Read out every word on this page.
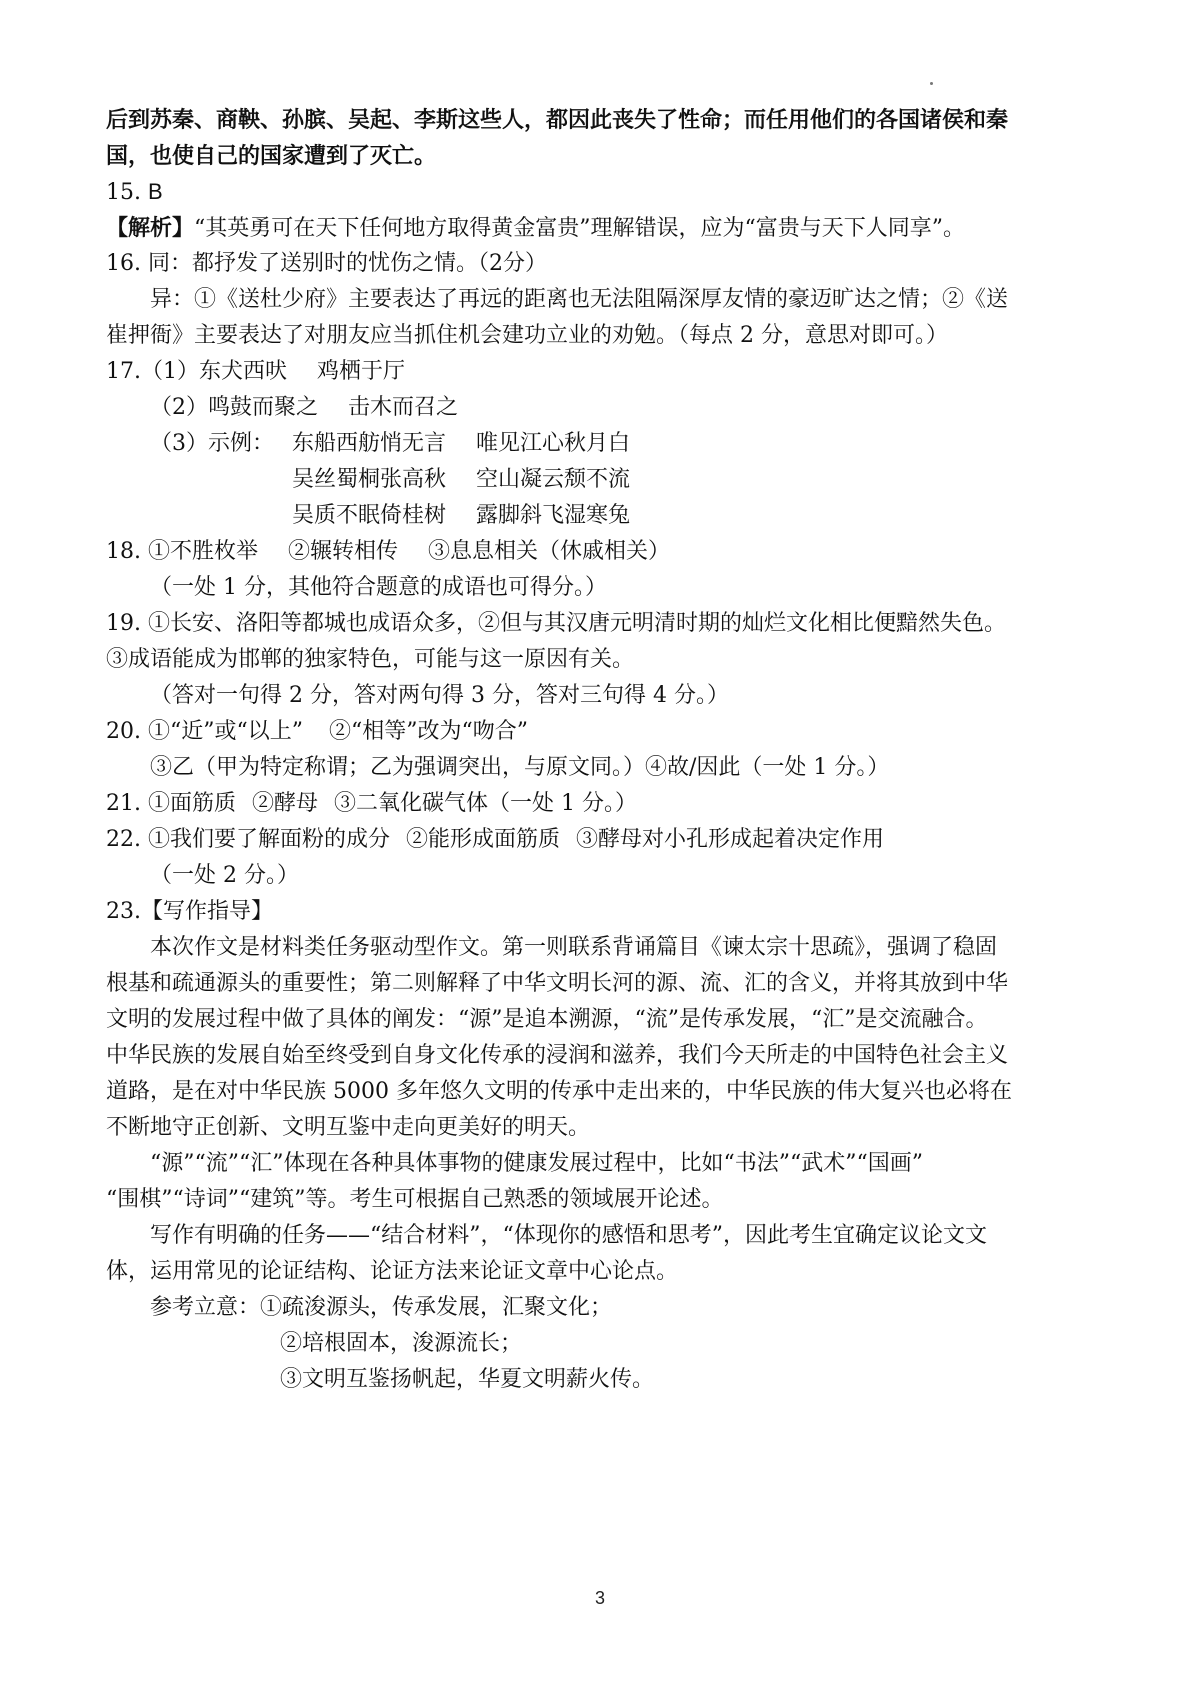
后到苏秦、商鞅、孙膑、吴起、李斯这些人，都因此丧失了性命；而任用他们的各国诸侯和秦
国，也使自己的国家遭到了灭亡。
15. B
【解析】“其英勇可在天下任何地方取得黄金富贵”理解错误，应为“富贵与天下人同享”。
16. 同：都抒发了送别时的忧伤之情。（2分）
异：①《送杜少府》主要表达了再远的距离也无法阻隔深厚友情的豪迈旷达之情；②《送
崔押衙》主要表达了对朋友应当抓住机会建功立业的劝勉。（每点 2 分，意思对即可。）
17.（1）东犬西吠 鸡栖于厅
（2）鸣鼓而聚之 击木而召之
（3）示例： 东船西舫悄无言 唯见江心秋月白
吴丝蜀桐张高秋 空山凝云颓不流
吴质不眠倚桂树 露脚斜飞湿寒兔
18. ①不胜枚举 ②辗转相传 ③息息相关（休戚相关）
（一处 1 分，其他符合题意的成语也可得分。）
19. ①长安、洛阳等都城也成语众多，②但与其汉唐元明清时期的灿烂文化相比便黯然失色。
③成语能成为邯郸的独家特色，可能与这一原因有关。
（答对一句得 2 分，答对两句得 3 分，答对三句得 4 分。）
20. ①“近”或“以上” ②“相等”改为“吻合”
③乙（甲为特定称谓；乙为强调突出，与原文同。）④故/因此（一处 1 分。）
21. ①面筋质 ②酵母 ③二氧化碳气体（一处 1 分。）
22. ①我们要了解面粉的成分 ②能形成面筋质 ③酵母对小孔形成起着决定作用
（一处 2 分。）
23.【写作指导】
本次作文是材料类任务驱动型作文。第一则联系背诵篇目《谏太宗十思疏》，强调了稳固
根基和疏通源头的重要性；第二则解释了中华文明长河的源、流、汇的含义，并将其放到中华
文明的发展过程中做了具体的阐发：“源”是追本溯源，“流”是传承发展，“汇”是交流融合。
中华民族的发展自始至终受到自身文化传承的浸润和滋养，我们今天所走的中国特色社会主义
道路，是在对中华民族 5000 多年悠久文明的传承中走出来的，中华民族的伟大复兴也必将在
不断地守正创新、文明互鉴中走向更美好的明天。
“源”“流”“汇”体现在各种具体事物的健康发展过程中，比如“书法”“武术”“国画”
“围棋”“诗词”“建筑”等。考生可根据自己熟悉的领域展开论述。
写作有明确的任务——“结合材料”，“体现你的感悟和思考”，因此考生宜确定议论文文
体，运用常见的论证结构、论证方法来论证文章中心论点。
参考立意：①疏浚源头，传承发展，汇聚文化；
②培根固本，浚源流长；
③文明互鉴扬帆起，华夏文明薪火传。
3
